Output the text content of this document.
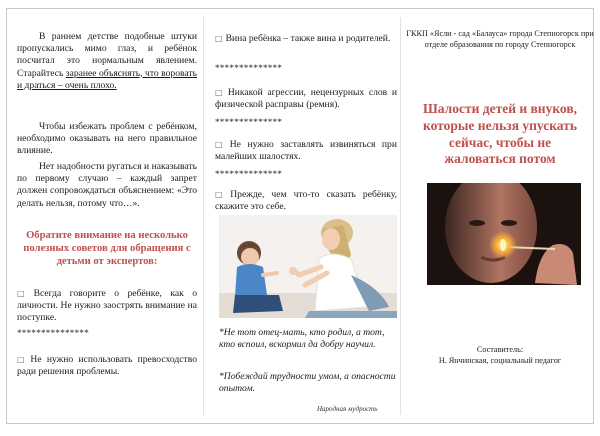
В раннем детстве подобные штуки пропускались мимо глаз, и ребёнок посчитал это нормальным явлением. Старайтесь заранее объяснять, что воровать и драться – очень плохо.

Чтобы избежать проблем с ребёнком, необходимо оказывать на него правильное влияние.

Нет надобности ругаться и наказывать по первому случаю – каждый запрет должен сопровождаться объяснением: «Это делать нельзя, потому что…».

Обратите внимание на несколько полезных советов для обращения с детьми от экспертов:

□ Всегда говорите о ребёнке, как о личности. Не нужно заострять внимание на поступке.

***************

□ Не нужно использовать превосходство ради решения проблемы.

□ Вина ребёнка – также вина и родителей.

**************

□ Никакой агрессии, нецензурных слов и физической расправы (ремня).

**************

□ Не нужно заставлять извиняться при малейших шалостях.

**************

□ Прежде, чем что-то сказать ребёнку, скажите это себе.

*Не тот отец-мать, кто родил, а тот, кто вспоил, вскормил да добру научил.

*Побеждай трудности умом, а опасности опытом.

Народная мудрость
ГККП «Ясли - сад «Балауса» города Степногорск при отделе образования по городу Степногорск
Шалости детей и внуков, которые нельзя упускать сейчас, чтобы не жаловаться потом
Составитель:
Н. Янчинская, социальный педагог
